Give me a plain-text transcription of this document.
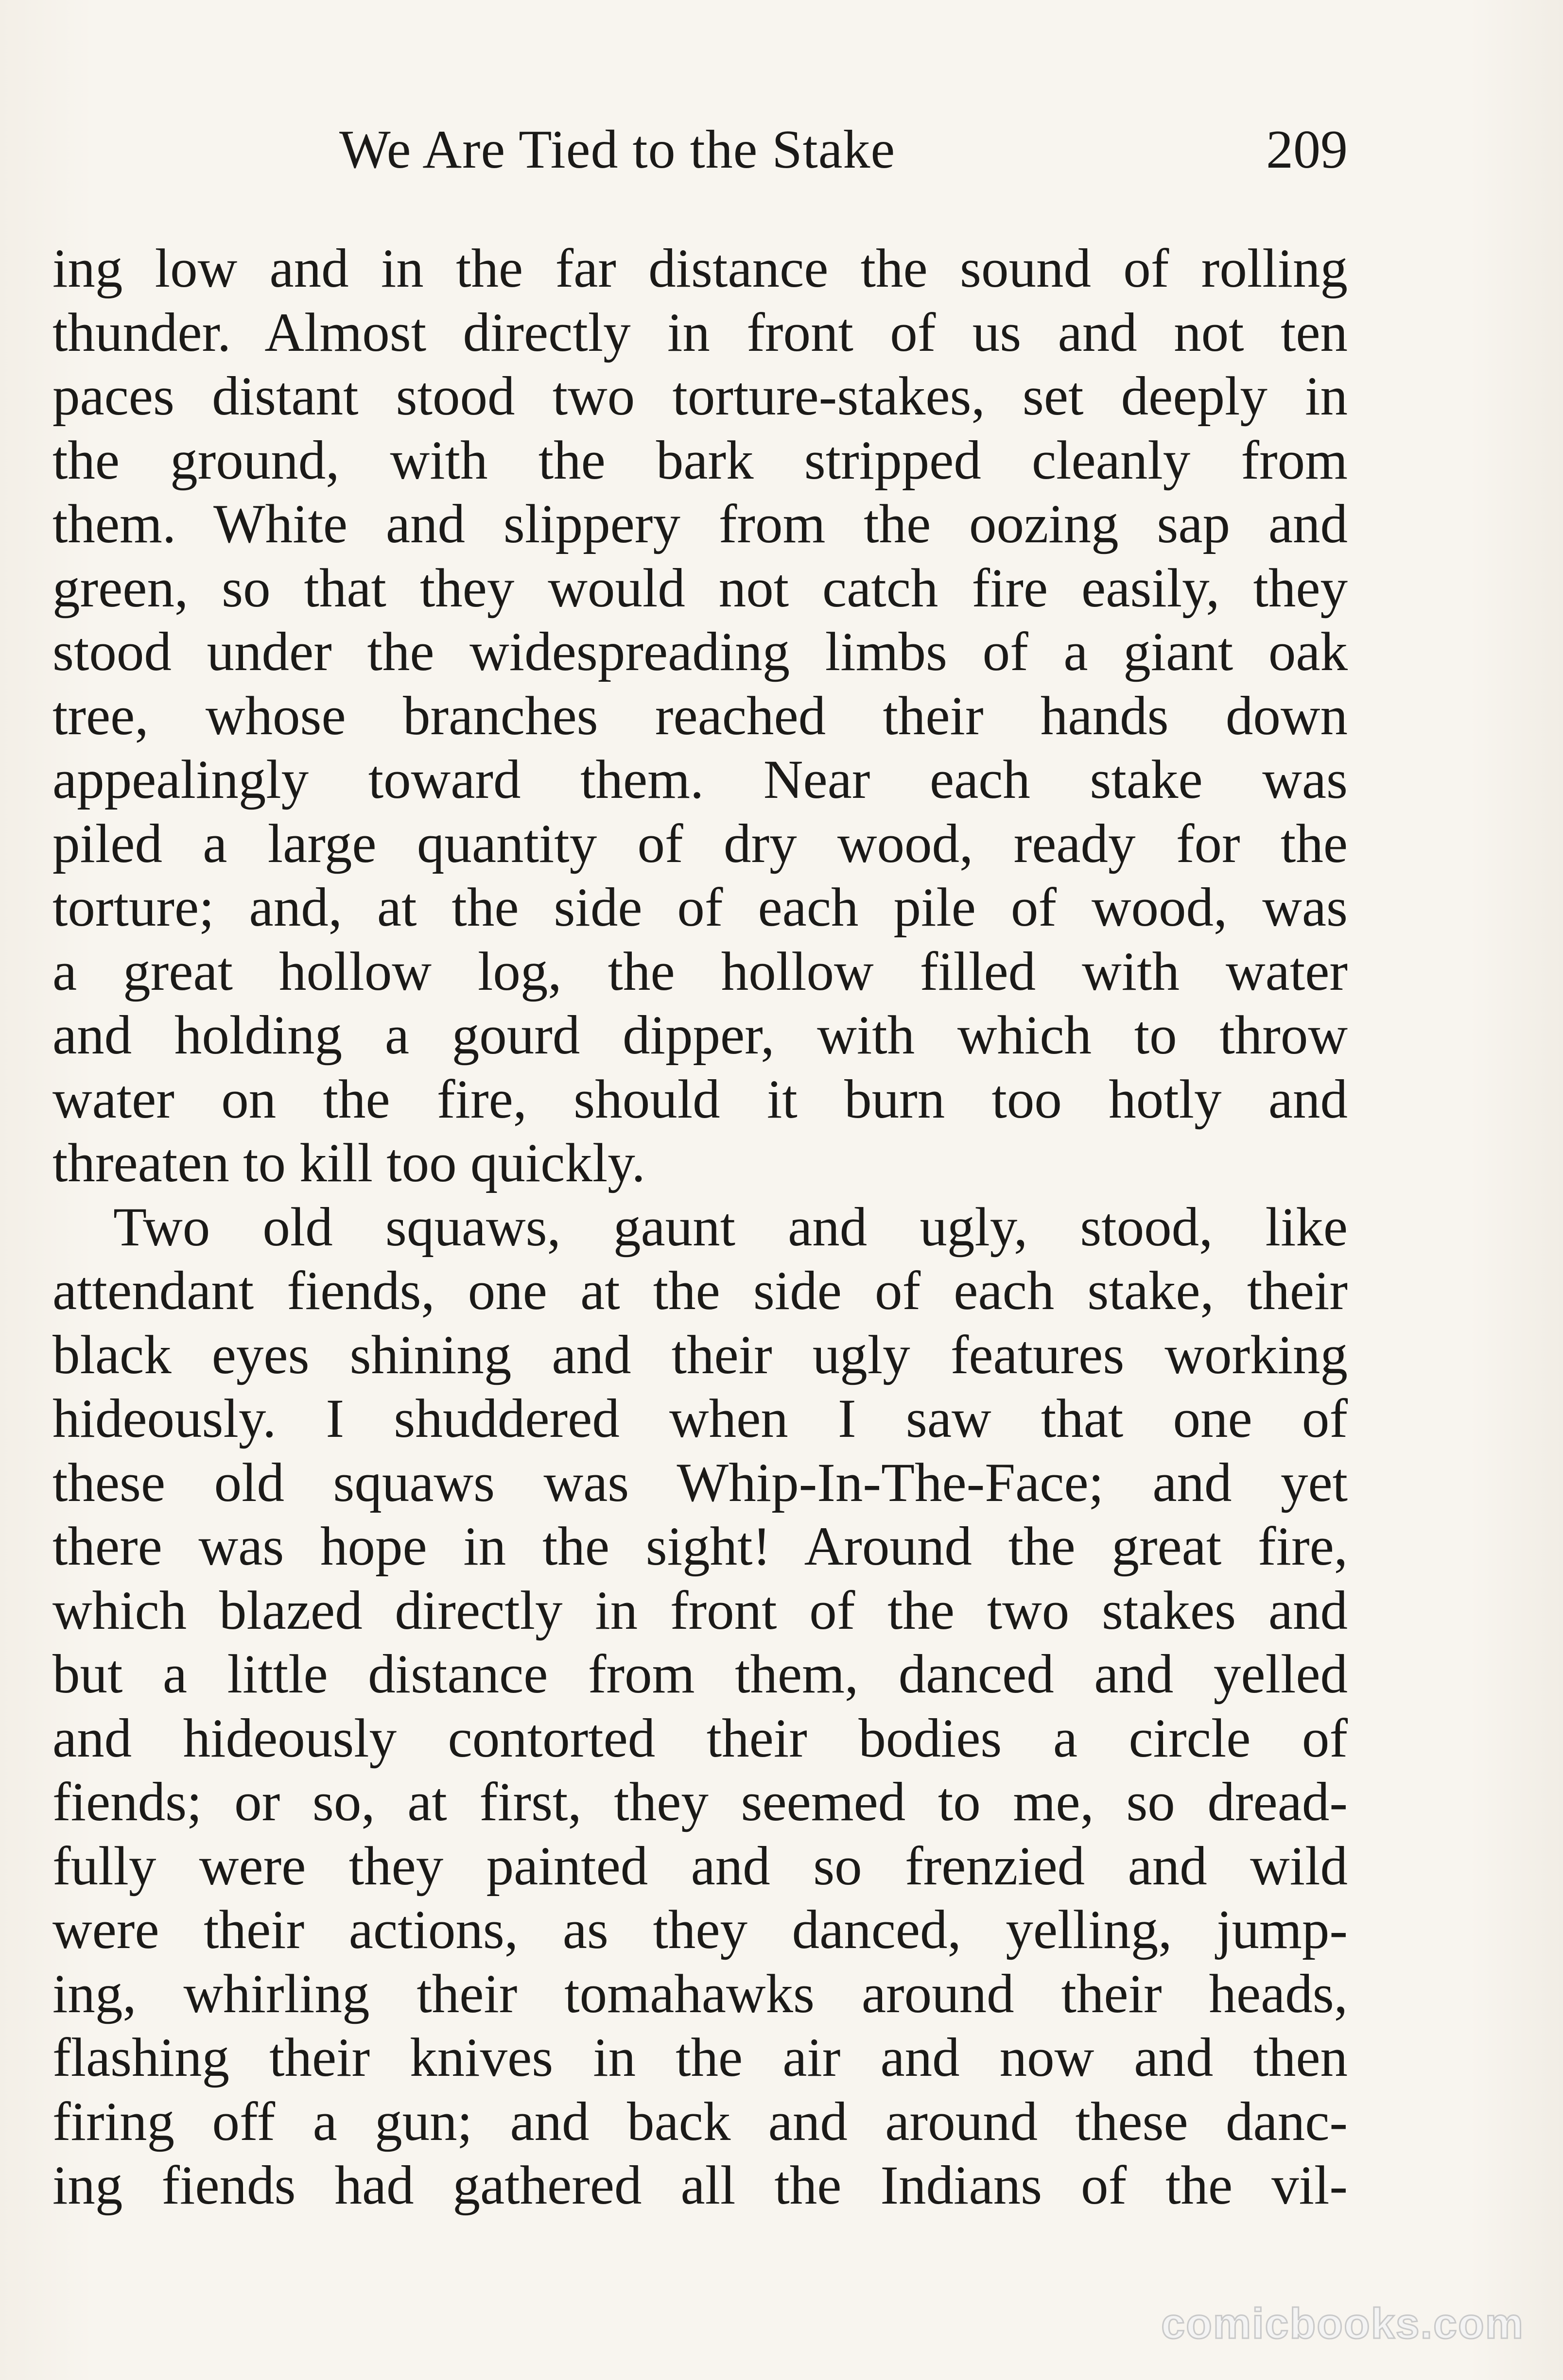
We Are Tied to the Stake	209
ing low and in the far distance the sound of rolling
thunder. Almost directly in front of us and not ten
paces distant stood two torture-stakes, set deeply in
the ground, with the bark stripped cleanly from
them. White and slippery from the oozing sap and
green, so that they would not catch fire easily, they
stood under the widespreading limbs of a giant oak
tree, whose branches reached their hands down
appealingly toward them. Near each stake was
piled a large quantity of dry wood, ready for the
torture; and, at the side of each pile of wood, was
a great hollow log, the hollow filled with water
and holding a gourd dipper, with which to throw
water on the fire, should it burn too hotly and
threaten to kill too quickly.
Two old squaws, gaunt and ugly, stood, like
attendant fiends, one at the side of each stake, their
black eyes shining and their ugly features working
hideously. I shuddered when I saw that one of
these old squaws was Whip-In-The-Face; and yet
there was hope in the sight! Around the great fire,
which blazed directly in front of the two stakes and
but a little distance from them, danced and yelled
and hideously contorted their bodies a circle of
fiends; or so, at first, they seemed to me, so dread-
fully were they painted and so frenzied and wild
were their actions, as they danced, yelling, jump-
ing, whirling their tomahawks around their heads,
flashing their knives in the air and now and then
firing off a gun; and back and around these danc-
ing fiends had gathered all the Indians of the vil-
comicbooks.com
